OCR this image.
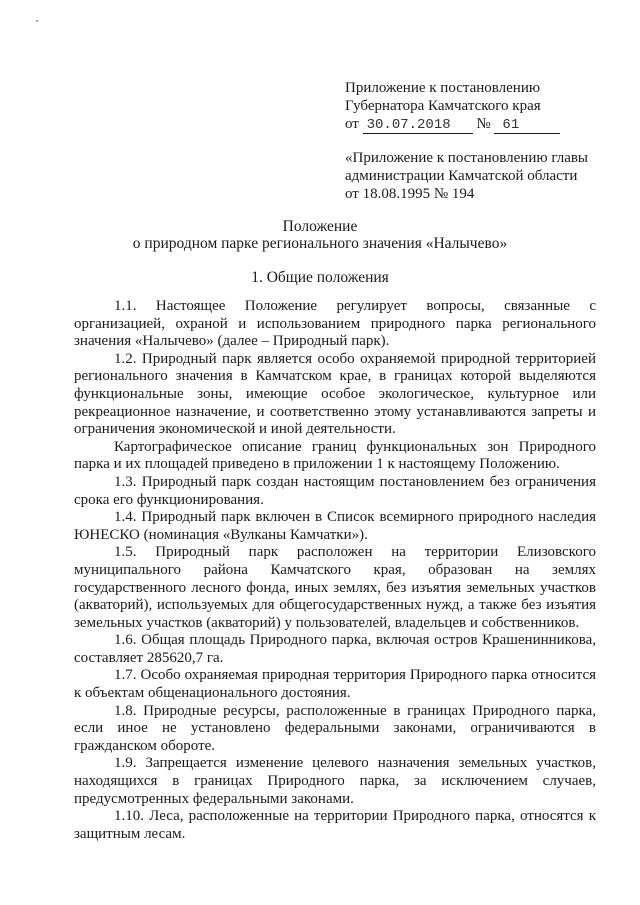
Приложение к постановлению
Губернатора Камчатского края
от 30.07.2018 № 61
«Приложение к постановлению главы
администрации Камчатской области
от 18.08.1995 № 194
Положение
о природном парке регионального значения «Налычево»
1. Общие положения

1.1. Настоящее Положение регулирует вопросы, связанные с организацией, охраной и использованием природного парка регионального значения «Налычево» (далее – Природный парк).

1.2. Природный парк является особо охраняемой природной территорией регионального значения в Камчатском крае, в границах которой выделяются функциональные зоны, имеющие особое экологическое, культурное или рекреационное назначение, и соответственно этому устанавливаются запреты и ограничения экономической и иной деятельности.

Картографическое описание границ функциональных зон Природного парка и их площадей приведено в приложении 1 к настоящему Положению.

1.3. Природный парк создан настоящим постановлением без ограничения срока его функционирования.

1.4. Природный парк включен в Список всемирного природного наследия ЮНЕСКО (номинация «Вулканы Камчатки»).

1.5. Природный парк расположен на территории Елизовского муниципального района Камчатского края, образован на землях государственного лесного фонда, иных землях, без изъятия земельных участков (акваторий), используемых для общегосударственных нужд, а также без изъятия земельных участков (акваторий) у пользователей, владельцев и собственников.

1.6. Общая площадь Природного парка, включая остров Крашенинникова, составляет 285620,7 га.

1.7. Особо охраняемая природная территория Природного парка относится к объектам общенационального достояния.

1.8. Природные ресурсы, расположенные в границах Природного парка, если иное не установлено федеральными законами, ограничиваются в гражданском обороте.

1.9. Запрещается изменение целевого назначения земельных участков, находящихся в границах Природного парка, за исключением случаев, предусмотренных федеральными законами.

1.10. Леса, расположенные на территории Природного парка, относятся к защитным лесам.
